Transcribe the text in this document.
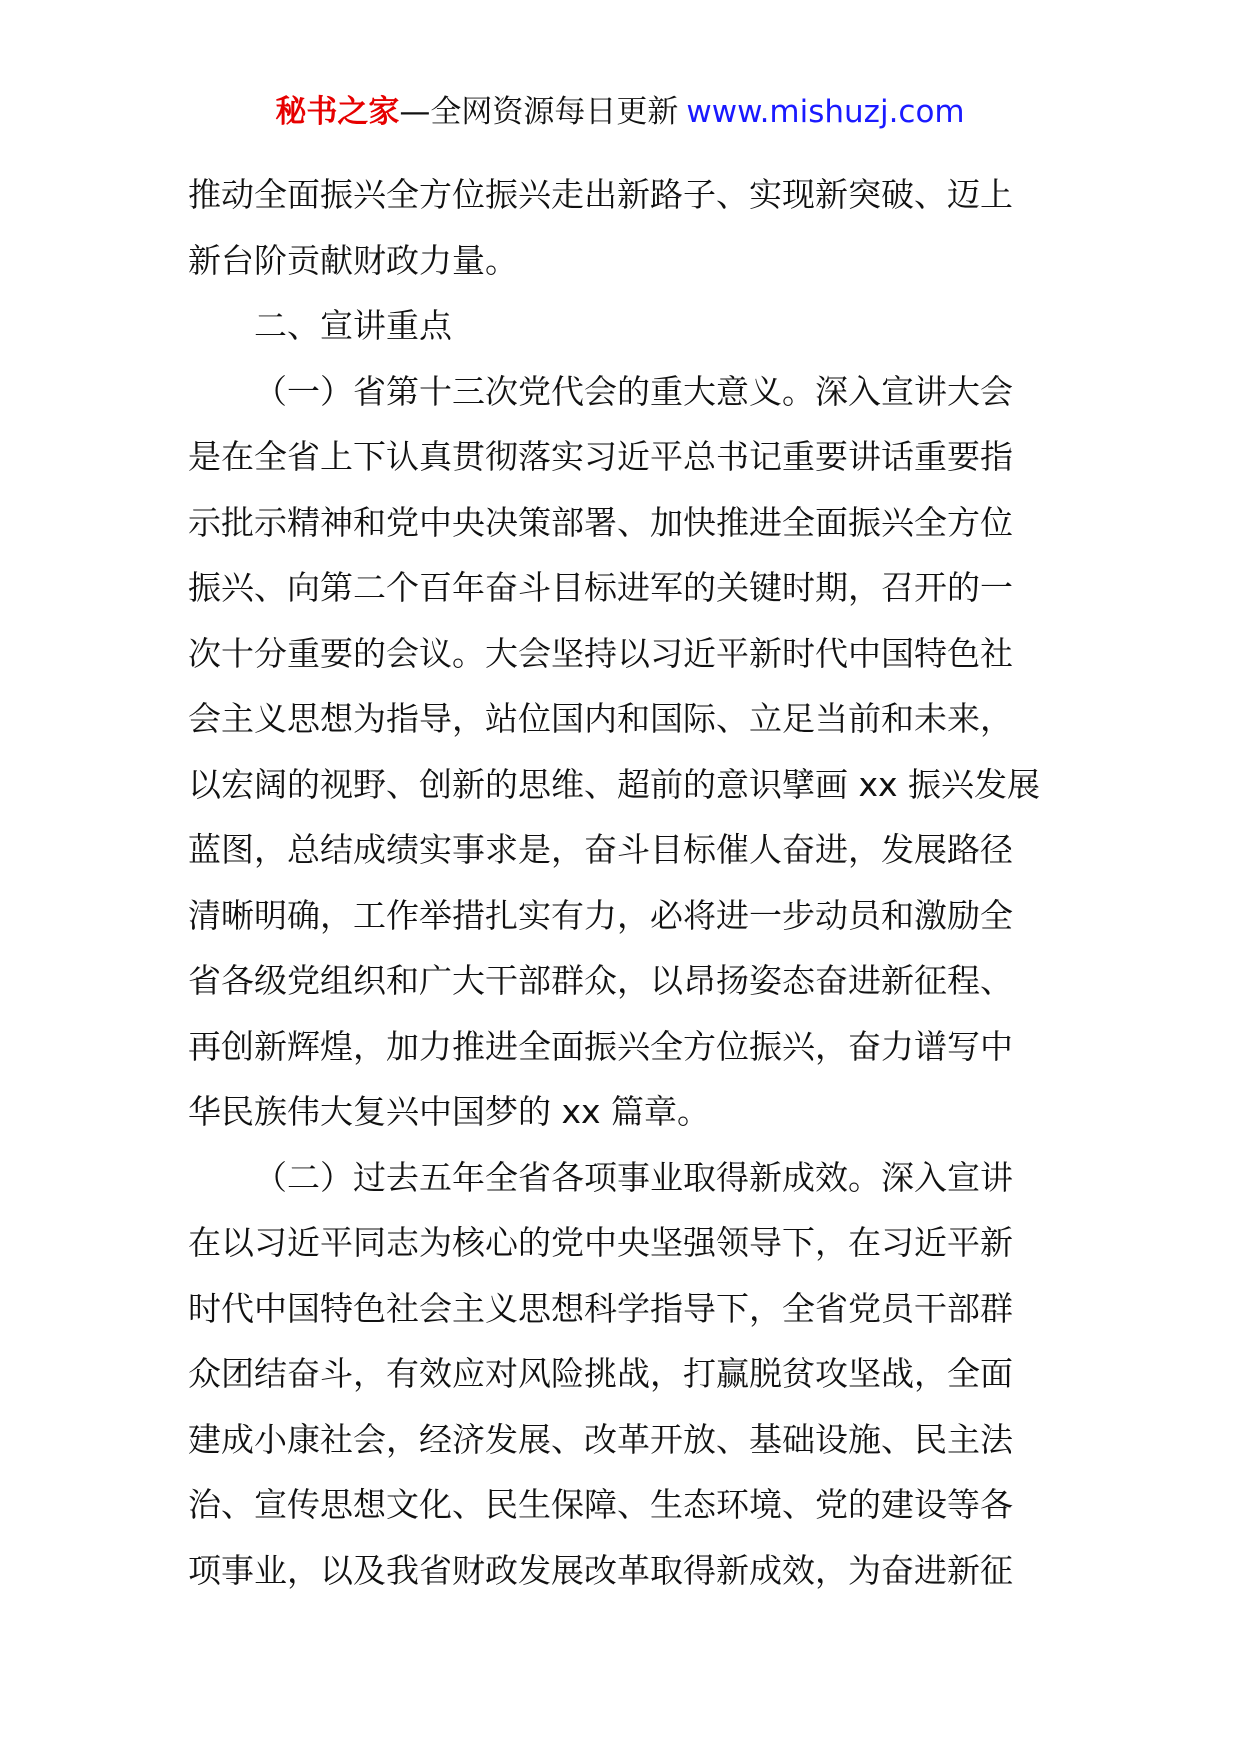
秘书之家—全网资源每日更新 www.mishuzj.com
推动全面振兴全方位振兴走出新路子、实现新突破、迈上
新台阶贡献财政力量。
二、宣讲重点
（一）省第十三次党代会的重大意义。深入宣讲大会
是在全省上下认真贯彻落实习近平总书记重要讲话重要指
示批示精神和党中央决策部署、加快推进全面振兴全方位
振兴、向第二个百年奋斗目标进军的关键时期，召开的一
次十分重要的会议。大会坚持以习近平新时代中国特色社
会主义思想为指导，站位国内和国际、立足当前和未来，
以宏阔的视野、创新的思维、超前的意识擘画 xx 振兴发展
蓝图，总结成绩实事求是，奋斗目标催人奋进，发展路径
清晰明确，工作举措扎实有力，必将进一步动员和激励全
省各级党组织和广大干部群众，以昂扬姿态奋进新征程、
再创新辉煌，加力推进全面振兴全方位振兴，奋力谱写中
华民族伟大复兴中国梦的 xx 篇章。
（二）过去五年全省各项事业取得新成效。深入宣讲
在以习近平同志为核心的党中央坚强领导下，在习近平新
时代中国特色社会主义思想科学指导下，全省党员干部群
众团结奋斗，有效应对风险挑战，打赢脱贫攻坚战，全面
建成小康社会，经济发展、改革开放、基础设施、民主法
治、宣传思想文化、民生保障、生态环境、党的建设等各
项事业，以及我省财政发展改革取得新成效，为奋进新征
